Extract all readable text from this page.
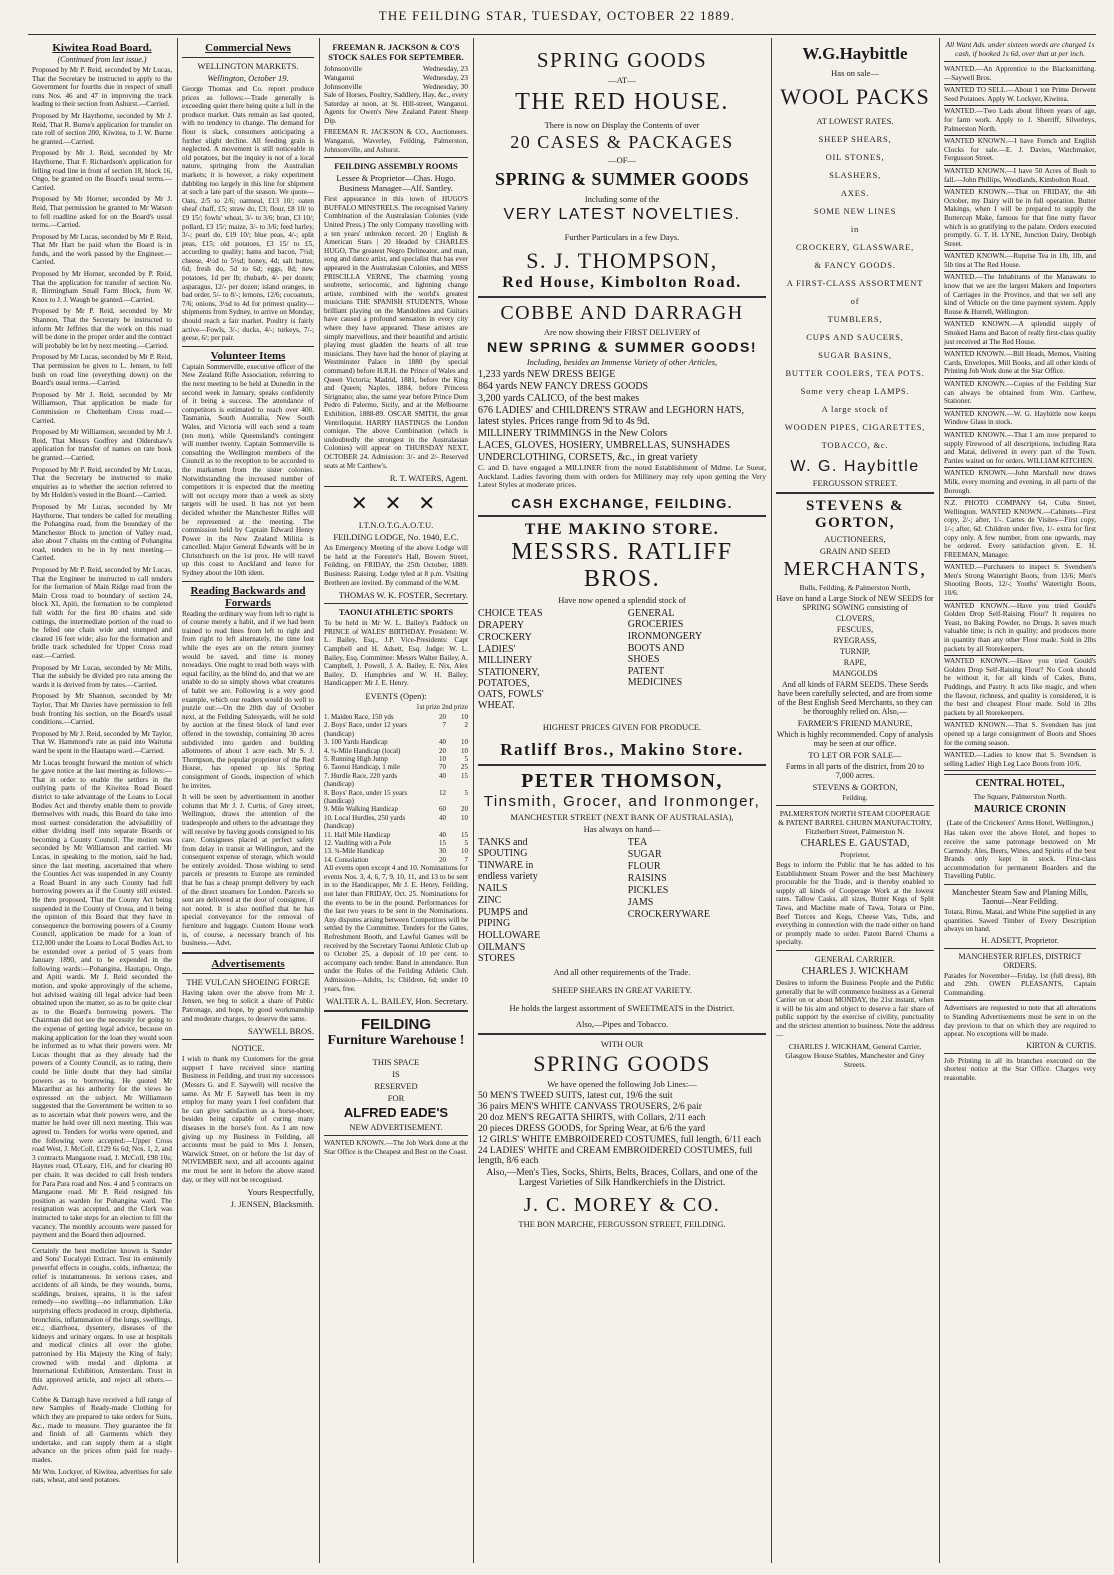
THE FEILDING STAR, TUESDAY, OCTOBER 22 1889.
Kiwitea Road Board.
(Continued from last issue.)
Proposed by Mr P. Reid, seconded by Mr Lucas, That the Secretary be instructed to apply to the Government for fourths due in respect of small runs Nos. 46 and 47 in improving the track leading to their section from Ashurst.—Carried.
Proposed by Mr Haythorne, seconded by Mr J. Reid, That R. Burne's application for transfer on rate roll of section 200, Kiwitea, to J. W. Burne be granted.—Carried.
Proposed by Mr J. Reid, seconded by Mr Haythorne, That F. Richardson's application for felling road line in front of section 18, block 16, Ongo, be granted on the Board's usual terms.—Carried.
Proposed by Mr Horner, seconded by Mr J. Reid, That permission be granted to Mr Watson to fell roadline asked for on the Board's usual terms.—Carried.
Proposed by Mr Lucas, seconded by Mr P. Reid, That Mr Hart be paid when the Board is in funds, and the work passed by the Engineer.—Carried.
Proposed by Mr Horner, seconded by P. Reid, That the application for transfer of section No. 8, Birmingham Small Farm Block, from W. Knox to J. J. Waugh be granted.—Carried.
Proposed by Mr P. Reid, seconded by Mr Shannon, That the Secretary be instructed to inform Mr Jeffries that the work on this road will be done in the proper order and the contract will probably be let by next meeting.—Carried.
Proposed by Mr Lucas, seconded by Mr P. Reid, That permission be given to L. Jensen, to fell bush on road line (everything down) on the Board's usual terms.—Carried.
Proposed by Mr J. Reid, seconded by Mr Williamson, That application be made for Commission re Cheltenham Cross road.—Carried.
Proposed by Mr Williamson, seconded by Mr J. Reid, That Messrs Godfrey and Oldershaw's application for transfer of names on rate book be granted.—Carried.
Proposed by Mr P. Reid, seconded by Mr Lucas, That the Secretary be instructed to make enquiries as to whether the section referred to by Mr Holden's vested in the Board.—Carried.
Proposed by Mr Lucas, seconded by Mr Haythorne, That tenders be called for metalling the Pohangina road, from the boundary of the Manchester Block to junction of Valley road, also about 7 chains on the cutting of Pohangina road, tenders to be in by next meeting.—Carried.
Proposed by Mr P. Reid, seconded by Mr Lucas, That the Engineer be instructed to call tenders for the formation of Main Ridge road from the Main Cross road to boundary of section 24, block XI, Apiti, the formation to be completed full width for the first 80 chains and side cuttings, the intermediate portion of the road to be felled one chain wide and stumped and cleared 16 feet wide; also for the formation and bridle track scheduled for Upper Cross road east.—Carried.
Proposed by Mr Lucas, seconded by Mr Mills, That the subsidy be divided pro rata among the wards it is derived from by rates.—Carried.
Proposed by Mr Shannon, seconded by Mr Taylor, That Mr Davies have permission to fell bush fronting his section, on the Board's usual conditions.—Carried.
Proposed by Mr J. Reid, seconded by Mr Taylor, That W. Hammond's rate as paid into Waituna ward be spent in the Hautapu ward.—Carried.
Mr Lucas brought forward the motion of which he gave notice at the last meeting as follows:—That in order to enable the settlers in the outlying parts of the Kiwitea Road Board district to take advantage of the Loans to Local Bodies Act and thereby enable them to provide themselves with roads, this Board do take into most earnest consideration the advisability of either dividing itself into separate Boards or becoming a County Council. The motion was seconded by Mr Williamson and carried. Mr Lucas, in speaking to the motion, said he had, since the last meeting, ascertained that where the Counties Act was suspended in any County a Road Board in any such County had full borrowing powers as if the County still existed. He then proposed, That the County Act being suspended in the County of Oroua, and it being the opinion of this Board that they have in consequence the borrowing powers of a County Council, application be made for a loan of £12,000 under the Loans to Local Bodies Act, to be extended over a period of 5 years from January 1890, and to be expended in the following wards:—Pohangina, Hautapu, Ongo, and Apiti wards. Mr J. Reid seconded the motion, and spoke approvingly of the scheme, but advised waiting till legal advice had been obtained upon the matter, so as to be quite clear as to the Board's borrowing powers. The Chairman did not see the necessity for going to the expense of getting legal advice, because on making application for the loan they would soon be informed as to what their powers were. Mr Lucas thought that as they already had the powers of a County Council, as to rating, there could be little doubt that they had similar powers as to borrowing. He quoted Mr Macarthur as his authority for the views he expressed on the subject. Mr Williamson suggested that the Government be written to so as to ascertain what their powers were, and the matter be held over till next meeting. This was agreed to. Tenders for works were opened, and the following were accepted:—Upper Cross road West, J. McColl, £129 6s 6d; Nos. 1, 2, and 3 contracts Mangaone road, J. McColl, £98 10s; Haynes road, O'Leary, £16, and for clearing 80 per chain. It was decided to call fresh tenders for Para Para road and Nos. 4 and 5 contracts on Mangaone road. Mr P. Reid resigned his position as warden for Pohangina ward. The resignation was accepted, and the Clerk was instructed to take steps for an election to fill the vacancy. The monthly accounts were passed for payment and the Board then adjourned.
Certainly the best medicine known is Sander and Sons' Eucalypti Extract. Test its eminently powerful effects in coughs, colds, influenza; the relief is instantaneous. In serious cases, and accidents of all kinds, be they wounds, burns, scaldings, bruises, sprains, it is the safest remedy—no swelling—no inflammation. Like surprising effects produced in croup, diphtheria, bronchitis, inflammation of the lungs, swellings, etc.; diarrhoea, dysentery, diseases of the kidneys and urinary organs. In use at hospitals and medical clinics all over the globe; patronised by His Majesty the King of Italy; crowned with medal and diploma at International Exhibition, Amsterdam. Trust in this approved article, and reject all others.—Advt.
Cobbe & Darragh have received a full range of new Samples of Ready-made Clothing for which they are prepared to take orders for Suits, &c., made to measure. They guarantee the fit and finish of all Garments which they undertake, and can supply them at a slight advance on the prices often paid for ready-mades.
Mr Wm. Lockyer, of Kiwitea, advertises for sale oats, wheat, and seed potatoes.
Commercial News
WELLINGTON MARKETS.
Wellington, October 19.
George Thomas and Co. report produce prices as follows:—Trade generally is exceeding quiet there being quite a lull in the produce market. Oats remain as last quoted, with no tendency to change. The demand for flour is slack, consumers anticipating a further slight decline. All feeding grain is neglected. A movement is still noticeable in old potatoes, but the inquiry is not of a local nature, springing from the Australian markets; it is however, a risky experiment dabbling too largely in this line for shipment at such a late part of the season. We quote—Oats, 2/5 to 2/6; oatmeal, £13 10/; oaten sheaf chaff, £5; straw do, £3; flour, £8 10/ to £9 15/; fowls' wheat, 3/- to 3/6; bran, £3 10/; pollard, £3 15/; maize, 3/- to 3/6; feed barley, 3/-; pearl do, £19 10/; blue peas, 4/-; split peas, £15; old potatoes, £3 15/ to £5, according to quality; hams and bacon, 7½d; cheese, 4½d to 5½d; honey, 4d; salt butter, 6d; fresh do, 5d to 6d; eggs, 8d; new potatoes, 1d per lb; rhubarb, 4/- per dozen; asparagus, 12/- per dozen; island oranges, in bad order, 5/- to 8/-; lemons, 12/6; cocoanuts, 7/6; onions, 3½d to 4d for primest quality—shipments from Sydney, to arrive on Monday, should reach a fair market. Poultry is fairly active—Fowls, 3/-; ducks, 4/-; turkeys, 7/-; geese, 6/; per pair.
Volunteer Items
Captain Sommerville, executive officer of the New Zealand Rifle Association, referring to the next meeting to be held at Dunedin in the second week in January, speaks confidently of it being a success. The attendance of competitors is estimated to reach over 400. Tasmania, South Australia, New South Wales, and Victoria will each send a team (ten men), while Queensland's contingent will number twenty. Captain Sommerville is consulting the Wellington members of the Council as to the reception to be accorded to the marksmen from the sister colonies. Notwithstanding the increased number of competitors it is expected that the meeting will not occupy more than a week as sixty targets will be used. It has not yet been decided whether the Manchester Rifles will be represented at the meeting. The commission held by Captain Edward Henry Power in the New Zealand Militia is cancelled. Major General Edwards will be in Christchurch on the 1st prox. He will travel up this coast to Auckland and leave for Sydney about the 10th idem.
Reading Backwards and Forwards
Reading the ordinary way from left to right is of course merely a habit, and if we had been trained to read lines from left to right and from right to left alternately, the time lost while the eyes are on the return journey would be saved, and time is money nowadays. One ought to read both ways with equal facility, as the blind do, and that we are unable to do so simply shows what creatures of habit we are. Following is a very good example, which our readers would do well to puzzle out:—On the 20th day of October next, at the Feilding Salesyards, will be sold by auction at the finest block of land ever offered in the township, containing 30 acres subdivided into garden and building allotments of about 1 acre each. Mr S. J. Thompson, the popular proprietor of the Red House, has opened up his Spring consignment of Goods, inspection of which he invites.
It will be seen by advertisement in another column that Mr J. J. Curtis, of Grey street, Wellington, draws the attention of the tradespeople and others to the advantage they will receive by having goods consigned to his care. Consignees placed at perfect safety from delay in transit at Wellington, and the consequent expense of storage, which would be entirely avoided. Those wishing to send parcels or presents to Europe are reminded that he has a cheap prompt delivery by each of the direct steamers for London. Parcels so sent are delivered at the door of consignee, if not noted. It is also notified that he has special conveyance for the removal of furniture and luggage. Custom House work is, of course, a necessary branch of his business.—Advt.
Advertisements
THE VULCAN SHOEING FORGE
Having taken over the above from Mr J. Jensen, we beg to solicit a share of Public Patronage, and hope, by good workmanship and moderate charges, to deserve the same.
SAYWELL BROS.
NOTICE.
I wish to thank my Customers for the great support I have received since starting Business in Feilding, and trust my successors (Messrs G. and F. Saywell) will receive the same. As Mr F. Saywell has been in my employ for many years I feel confident that he can give satisfaction as a horse-shoer, besides being capable of curing many diseases in the horse's foot. As I am now giving up my Business in Feilding, all accounts must be paid to Mrs J. Jensen, Warwick Street, on or before the 1st day of NOVEMBER next, and all accounts against me must be sent in before the above stated day, or they will not be recognised.
Yours Respectfully,
J. JENSEN, Blacksmith.
FREEMAN R. JACKSON & CO'S STOCK SALES FOR SEPTEMBER.
Johnsonville	Wednesday, 23
Wanganui	Wednesday, 23
Johnsonville	Wednesday, 30
Sale of Horses, Poultry, Saddlery, Hay, &c., every Saturday at noon, at St. Hill-street, Wanganui. Agents for Owen's New Zealand Patent Sheep Dip.
FREEMAN R. JACKSON & CO., Auctioneers. Wanganui, Waverley, Feilding, Palmerston, Johnsonville, and Ashurst.
FEILDING ASSEMBLY ROOMS
Lessee & Proprietor—Chas. Hugo. Business Manager—Alf. Santley.
First appearance in this town of HUGO'S BUFFALO MINSTRELS. The recognised Variety Combination of the Australasian Colonies (vide United Press.) The only Company travelling with a ten years' unbroken record. 20 | English & American Stars | 20 Headed by CHARLES HUGO, The greatest Negro Delineator, and man, song and dance artist, and specialist that has ever appeared in the Australasian Colonies, and MISS PRISCILLA VERNE, The charming young soubrette, seriocomic, and lightning change artiste, combined with the world's greatest musicians THE SPANISH STUDENTS, Whose brilliant playing on the Mandolines and Guitars have caused a profound sensation in every city where they have appeared. These artistes are simply marvellous, and their beautiful and artistic playing must gladden the hearts of all true musicians. They have had the honor of playing at Westminster Palace in 1880 (by special command) before H.R.H. the Prince of Wales and Queen Victoria; Madrid, 1881, before the King and Queen; Naples, 1884, before Princess Sirignano; also, the same year before Prince Dom Pedro di Palermo, Sicily, and at the Melbourne Exhibition, 1888-89. OSCAR SMITH, the great Ventriloquist. HARRY HASTINGS the London comique. The above Combination (which is undoubtedly the strongest in the Australasian Colonies) will appear on THURSDAY NEXT, OCTOBER 24. Admission: 3/- and 2/- Reserved seats at Mr Carthew's.
R. T. WATERS, Agent.
✕ ✕ ✕
I.T.N.O.T.G.A.O.T.U.
FEILDING LODGE, No. 1940, E.C.
An Emergency Meeting of the above Lodge will be held at the Forester's Hall, Bowen Street, Feilding, on FRIDAY, the 25th October, 1889. Business: Raising. Lodge tyled at 8 p.m. Visiting Brethren are invited. By command of the W.M.
THOMAS W. K. FOSTER, Secretary.
TAONUI ATHLETIC SPORTS
To be held in Mr W. L. Bailey's Paddock on PRINCE of WALES' BIRTHDAY. President: W. L. Bailey, Esq., J.P. Vice-Presidents: Capt Campbell and H. Adsett, Esq. Judge: W. L. Bailey, Esq. Committee: Messrs Walter Bailey, A. Campbell, J. Powell, J. A. Bailey, E. Nix, Alex Bailey, D. Humphries and W. H. Bailey. Handicapper: Mr J. E. Henry.
EVENTS (Open):
1st prize 2nd prize
1. Maiden Race, 150 yds	20	10
2. Boys' Race, under 12 years (handicap)
7	2
3. 100 Yards Handicap	40	10
4. ¼-Mile Handicap (local)	20	10
5. Running High Jump	10	5
6. Taonui Handicap, 1 mile	70	25
7. Hurdle Race, 220 yards (handicap)
40	15
8. Boys' Race, under 15 years (handicap)
12	5
9. Mile Walking Handicap	60	20
10. Local Hurdles, 250 yards (handicap)
40	10
11. Half Mile Handicap	40	15
12. Vaulting with a Pole	15	5
13. ¾-Mile Handicap	30	10
14. Consolation	20	7
All events open except 4 and 10. Nominations for events Nos. 3, 4, 6, 7, 9, 10, 11, and 13 to be sent in to the Handicapper, Mr J. E. Henry, Feilding, not later than FRIDAY, Oct. 25. Nominations for the events to be in the pound. Performances for the last two years to be sent in the Nominations. Any disputes arising between Competitors will be settled by the Committee. Tenders for the Gates, Refreshment Booth, and Lawful Games will be received by the Secretary Taonui Athletic Club up to October 25, a deposit of 10 per cent. to accompany each tender. Band in attendance. Run under the Rules of the Feilding Athletic Club. Admission—Adults, 1s; Children, 6d; under 10 years, free.
WALTER A. L. BAILEY, Hon. Secretary.
FEILDING
Furniture Warehouse !
THIS SPACE
IS
RESERVED
FOR
ALFRED EADE'S
NEW ADVERTISEMENT.
WANTED KNOWN.—The Job Work done at the Star Office is the Cheapest and Best on the Coast.
SPRING GOODS
—AT—
THE RED HOUSE.
There is now on Display the Contents of over
20 CASES & PACKAGES
—OF—
SPRING & SUMMER GOODS
Including some of the
VERY LATEST NOVELTIES.
Further Particulars in a few Days.
S. J. THOMPSON,
Red House, Kimbolton Road.
COBBE AND DARRAGH
Are now showing their FIRST DELIVERY of
NEW SPRING & SUMMER GOODS!
Including, besides an Immense Variety of other Articles,
1,233 yards NEW DRESS BEIGE
864 yards NEW FANCY DRESS GOODS
3,200 yards CALICO, of the best makes
676 LADIES' and CHILDREN'S STRAW and LEGHORN HATS, latest styles. Prices range from 9d to 4s 9d.
MILLINERY TRIMMINGS in the New Colors
LACES, GLOVES, HOSIERY, UMBRELLAS, SUNSHADES
UNDERCLOTHING, CORSETS, &c., in great variety
C. and D. have engaged a MILLINER from the noted Establishment of Mdme. Le Sueur, Auckland. Ladies favoring them with orders for Millinery may rely upon getting the Very Latest Styles at moderate prices.
CASH EXCHANGE, FEILDING.
THE MAKINO STORE.
MESSRS. RATLIFF BROS.
Have now opened a splendid stock of
CHOICE TEAS
DRAPERY
CROCKERY
LADIES' MILLINERY
STATIONERY, POTATOES, OATS, FOWLS' WHEAT.
GENERAL GROCERIES
IRONMONGERY
BOOTS AND SHOES
PATENT MEDICINES
HIGHEST PRICES GIVEN FOR PRODUCE.
Ratliff Bros., Makino Store.
PETER THOMSON,
Tinsmith, Grocer, and Ironmonger,
MANCHESTER STREET (NEXT BANK OF AUSTRALASIA),
Has always on hand—
TANKS and SPOUTING
TINWARE in endless variety
NAILS
ZINC
PUMPS and PIPING
HOLLOWARE
OILMAN'S STORES
TEA
SUGAR
FLOUR
RAISINS
PICKLES
JAMS
CROCKERYWARE
And all other requirements of the Trade.
SHEEP SHEARS IN GREAT VARIETY.
He holds the largest assortment of SWEETMEATS in the District.
Also,—Pipes and Tobacco.
WITH OUR
SPRING GOODS
We have opened the following Job Lines:—
50 MEN'S TWEED SUITS, latest cut, 19/6 the suit
36 pairs MEN'S WHITE CANVASS TROUSERS, 2/6 pair
20 doz MEN'S REGATTA SHIRTS, with Collars, 2/11 each
20 pieces DRESS GOODS, for Spring Wear, at 6/6 the yard
12 GIRLS' WHITE EMBROIDERED COSTUMES, full length, 6/11 each
24 LADIES' WHITE and CREAM EMBROIDERED COSTUMES, full length, 8/6 each
Also,—Men's Ties, Socks, Shirts, Belts, Braces, Collars, and one of the Largest Varieties of Silk Handkerchiefs in the District.
J. C. MOREY & CO.
THE BON MARCHE, FERGUSSON STREET, FEILDING.
W.G.Haybittle
Has on sale—
WOOL PACKS
AT LOWEST RATES.
SHEEP SHEARS,
OIL STONES,
SLASHERS,
AXES.
SOME NEW LINES
in
CROCKERY, GLASSWARE,
& FANCY GOODS.
A FIRST-CLASS ASSORTMENT
of
TUMBLERS,
CUPS AND SAUCERS,
SUGAR BASINS,
BUTTER COOLERS, TEA POTS.
Some very cheap LAMPS.
A large stock of
WOODEN PIPES, CIGARETTES,
TOBACCO, &c.
W. G. Haybittle
FERGUSSON STREET.
STEVENS & GORTON,
AUCTIONEERS,
GRAIN AND SEED
MERCHANTS,
Bulls, Feilding, & Palmerston North,
Have on hand a Large Stock of NEW SEEDS for SPRING SOWING consisting of
CLOVERS,
FESCUES,
RYEGRASS,
TURNIP,
RAPE,
MANGOLDS
And all kinds of FARM SEEDS. These Seeds have been carefully selected, and are from some of the Best English Seed Merchants, so they can be thoroughly relied on. Also,—
FARMER'S FRIEND MANURE,
Which is highly recommended. Copy of analysis may be seen at our office.
TO LET OR FOR SALE—
Farms in all parts of the district, from 20 to 7,000 acres.
STEVENS & GORTON,
Feilding.
PALMERSTON NORTH STEAM COOPERAGE & PATENT BARREL CHURN MANUFACTORY, Fitzherbert Street, Palmerston N.
CHARLES E. GAUSTAD,
Proprietor,
Begs to inform the Public that he has added to his Establishment Steam Power and the best Machinery procurable for the Trade, and is thereby enabled to supply all kinds of Cooperage Work at the lowest rates. Tallow Casks, all sizes, Butter Kegs of Split Tawa, and Machine made of Tawa, Totara or Pine, Beef Tierces and Kegs, Cheese Vats, Tubs, and everything in connection with the trade either on hand or promptly made to order. Patent Barrel Churns a specialty.
GENERAL CARRIER.
CHARLES J. WICKHAM
Desires to inform the Business People and the Public generally that he will commence business as a General Carrier on or about MONDAY, the 21st instant, when it will be his aim and object to deserve a fair share of public support by the exercise of civility, punctuality and the strictest attention to business. Note the address—
CHARLES J. WICKHAM, General Carrier, Glasgow House Stables, Manchester and Grey Streets.
All Want Ads. under sixteen words are charged 1s cash, if booked 1s 6d, over that at per inch.
WANTED.—An Apprentice to the Blacksmithing.—Saywell Bros.
WANTED TO SELL.—About 1 ton Prime Derwent Seed Potatoes. Apply W. Lockyer, Kiwitea.
WANTED.—Two Lads about fifteen years of age, for farm work. Apply to J. Sherriff, Silverleys, Palmerston North.
WANTED KNOWN.—I have French and English Clocks for sale.—E. J. Davies, Watchmaker, Fergusson Street.
WANTED KNOWN.—I have 50 Acres of Bush to fall.—John Phillips, Woodlands, Kimbolton Road.
WANTED KNOWN.—That on FRIDAY, the 4th October, my Dairy will be in full operation. Butter Makings, when I will be prepared to supply the Buttercup Make, famous for that fine nutty flavor which is so gratifying to the palate. Orders executed promptly. G. T. H. LYNE, Junction Dairy, Denbigh Street.
WANTED KNOWN.—Ruprise Tea in 1lb, 1lb, and 5lb tins at The Red House.
WANTED.—The Inhabitants of the Manawatu to know that we are the largest Makers and Importers of Carriages in the Province, and that we sell any kind of Vehicle on the time payment system. Apply Rouse & Hurrell, Wellington.
WANTED KNOWN.—A splendid supply of Smoked Hams and Bacon of really first-class quality just received at The Red House.
WANTED KNOWN.—Bill Heads, Memos, Visiting Cards, Envelopes, Mill Books, and all other kinds of Printing Job Work done at the Star Office.
WANTED KNOWN.—Copies of the Feilding Star can always be obtained from Wm. Carthew, Stationer.
WANTED KNOWN.—W. G. Haybittle now keeps Window Glass in stock.
WANTED KNOWN.—That I am now prepared to supply Firewood of all descriptions, including Rata and Matai, delivered in every part of the Town. Parties waited on for orders. WILLIAM KITCHEN.
WANTED KNOWN.—John Marshall now draws Milk, every morning and evening, in all parts of the Borough.
N.Z. PHOTO COMPANY 64, Cuba Street, Wellington. WANTED KNOWN.—Cabinets—First copy, 2/-; after, 1/-. Cartes de Visites—First copy, 1/-; after, 6d. Children under five, 1/- extra for first copy only. A few number, from one upwards, may be ordered. Every satisfaction given. E. H. FREEMAN, Manager.
WANTED.—Purchasers to inspect S. Svendsen's Men's Strong Watertight Boots, from 13/6; Men's Shooting Boots, 12/-; Youths' Watertight Boots, 10/6.
WANTED KNOWN.—Have you tried Gould's Golden Drop Self-Raising Flour? It requires no Yeast, no Baking Powder, no Drugs. It saves much valuable time; is rich in quality; and produces more in quantity than any other Flour made. Sold in 2lbs packets by all Storekeepers.
WANTED KNOWN.—Have you tried Gould's Golden Drop Self-Raising Flour? No Cook should be without it, for all kinds of Cakes, Buns, Puddings, and Pastry. It acts like magic, and when the flavour, richness, and quality is considered, it is the best and cheapest Flour made. Sold in 2lbs packets by all Storekeepers.
WANTED KNOWN.—That S. Svendsen has just opened up a large consignment of Boots and Shoes for the coming season.
WANTED.—Ladies to know that S. Svendsen is selling Ladies' High Leg Lace Boots from 10/6.
CENTRAL HOTEL,
The Square, Palmerston North.
MAURICE CRONIN
(Late of the Cricketers' Arms Hotel, Wellington,)
Has taken over the above Hotel, and hopes to receive the same patronage bestowed on Mr Carmody. Ales, Beers, Wines, and Spirits of the best Brands only kept in stock. First-class accommodation for permanent Boarders and the Travelling Public.
Manchester Steam Saw and Planing Mills, Taonui—Near Feilding.
Totara, Rimu, Matai, and White Pine supplied in any quantities. Sawed Timber of Every Description always on hand.
H. ADSETT, Proprietor.
MANCHESTER RIFLES, DISTRICT ORDERS.
Parades for November—Friday, 1st (full dress), 8th and 29th. OWEN PLEASANTS, Captain Commanding.
Advertisers are requested to note that all alterations to Standing Advertisements must be sent in on the day previous to that on which they are required to appear. No exceptions will be made.
KIRTON & CURTIS.
Job Printing in all its branches executed on the shortest notice at the Star Office. Charges very reasonable.
